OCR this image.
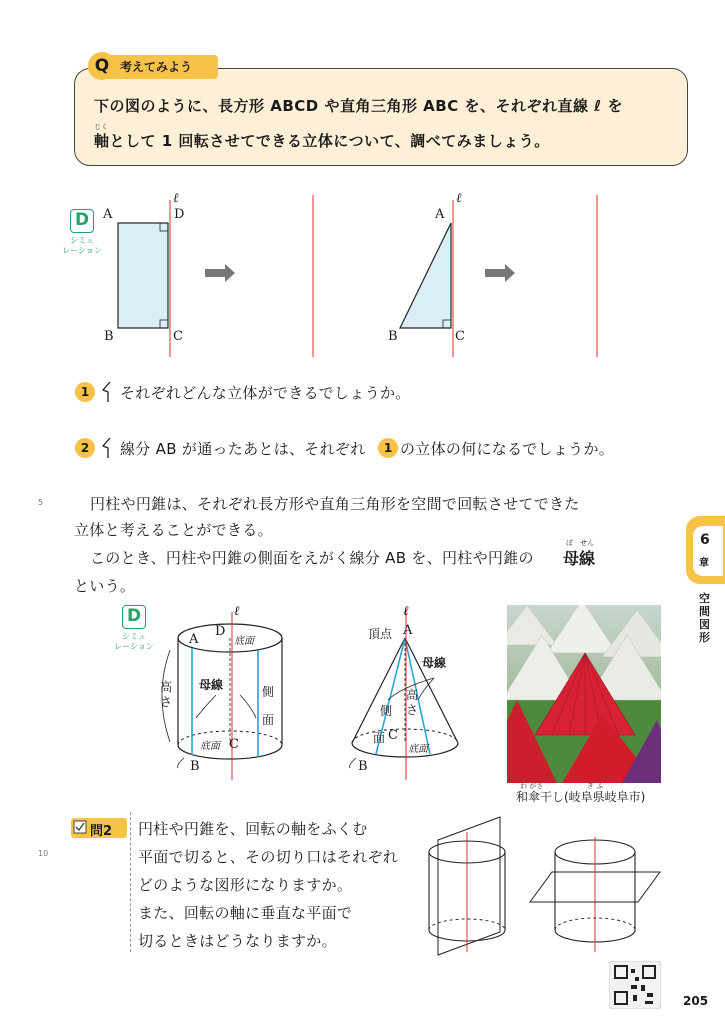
Q 考えてみよう
下の図のように、長方形 ABCD や直角三角形 ABC を、それぞれ直線 ℓ を
じく
軸として 1 回転させてできる立体について、調べてみましょう。
D
シミュ
レーション
ℓ
A	D
B	C
ℓ
A
B	C
1	それぞれどんな立体ができるでしょうか。
2	線分 AB が通ったあとは、それぞれ	1 の立体の何になるでしょうか。
5	円柱や円錐は、それぞれ長方形や直角三角形を空間で回転させてできた
立体と考えることができる。
このとき、円柱や円錐の側面をえがく線分 AB を、円柱や円錐の
ぼ　せん
母線
という。
6
章
空間図形
D
シミュ
レーション
ℓ
A
D
底面
高さ
母線	側
面
底面 C
B
ℓ
頂点 A
母線
高さ
側
面 C
底面
B
わ がさ	ぎ ふ
和傘干し(岐阜県岐阜市)
問2
10
円柱や円錐を、回転の軸をふくむ
平面で切ると、その切り口はそれぞれ
どのような図形になりますか。
また、回転の軸に垂直な平面で
切るときはどうなりますか。
205
